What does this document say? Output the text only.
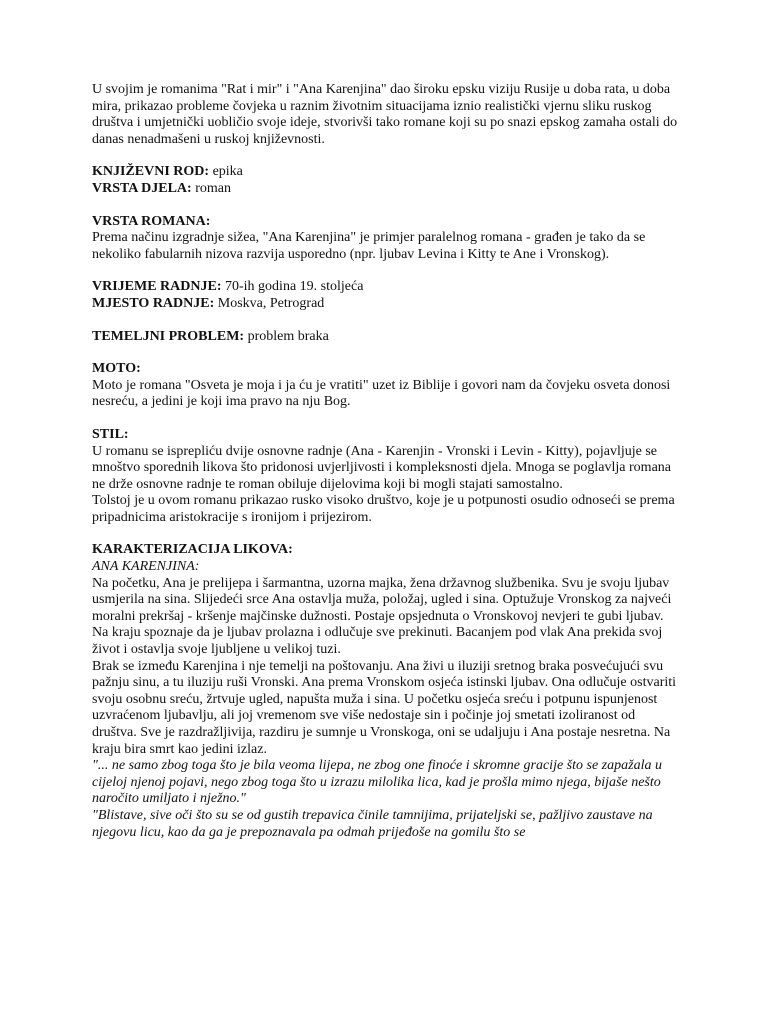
U svojim je romanima "Rat i mir" i "Ana Karenjina" dao široku epsku viziju Rusije u doba rata, u doba mira, prikazao probleme čovjeka u raznim životnim situacijama iznio realistički vjernu sliku ruskog društva i umjetnički uobličio svoje ideje, stvorivši tako romane koji su po snazi epskog zamaha ostali do danas nenadmašeni u ruskoj književnosti.

KNJIŽEVNI ROD: epika

VRSTA DJELA: roman

VRSTA ROMANA:
Prema načinu izgradnje sižea, "Ana Karenjina" je primjer paralelnog romana - građen je tako da se nekoliko fabularnih nizova razvija usporedno (npr. ljubav Levina i Kitty te Ane i Vronskog).

VRIJEME RADNJE: 70-ih godina 19. stoljeća

MJESTO RADNJE: Moskva, Petrograd

TEMELJNI PROBLEM: problem braka

MOTO:
Moto je romana "Osveta je moja i ja ću je vratiti" uzet iz Biblije i govori nam da čovjeku osveta donosi nesreću, a jedini je koji ima pravo na nju Bog.

STIL:
U romanu se isprepliću dvije osnovne radnje (Ana - Karenjin - Vronski i Levin - Kitty), pojavljuje se mnoštvo sporednih likova što pridonosi uvjerljivosti i kompleksnosti djela. Mnoga se poglavlja romana ne drže osnovne radnje te roman obiluje dijelovima koji bi mogli stajati samostalno.

Tolstoj je u ovom romanu prikazao rusko visoko društvo, koje je u potpunosti osudio odnoseći se prema pripadnicima aristokracije s ironijom i prijezirom.

KARAKTERIZACIJA LIKOVA:
ANA KARENJINA:
Na početku, Ana je prelijepa i šarmantna, uzorna majka, žena državnog službenika. Svu je svoju ljubav usmjerila na sina. Slijedeći srce Ana ostavlja muža, položaj, ugled i sina. Optužuje Vronskog za najveći moralni prekršaj - kršenje majčinske dužnosti. Postaje opsjednuta o Vronskovoj nevjeri te gubi ljubav. Na kraju spoznaje da je ljubav prolazna i odlučuje sve prekinuti. Bacanjem pod vlak Ana prekida svoj život i ostavlja svoje ljubljene u velikoj tuzi.

Brak se između Karenjina i nje temelji na poštovanju. Ana živi u iluziji sretnog braka posvećujući svu pažnju sinu, a tu iluziju ruši Vronski. Ana prema Vronskom osjeća istinski ljubav. Ona odlučuje ostvariti svoju osobnu sreću, žrtvuje ugled, napušta muža i sina. U početku osjeća sreću i potpunu ispunjenost uzvraćenom ljubavlju, ali joj vremenom sve više nedostaje sin i počinje joj smetati izoliranost od društva. Sve je razdražljivija, razdiru je sumnje u Vronskoga, oni se udaljuju i Ana postaje nesretna. Na kraju bira smrt kao jedini izlaz.

"... ne samo zbog toga što je bila veoma lijepa, ne zbog one finoće i skromne gracije što se zapažala u cijeloj njenoj pojavi, nego zbog toga što u izrazu milolika lica, kad je prošla mimo njega, bijaše nešto naročito umiljato i nježno."

"Blistave, sive oči što su se od gustih trepavica činile tamnijima, prijateljski se, pažljivo zaustave na njegovu licu, kao da ga je prepoznavala pa odmah prijeđoše na gomilu što se
